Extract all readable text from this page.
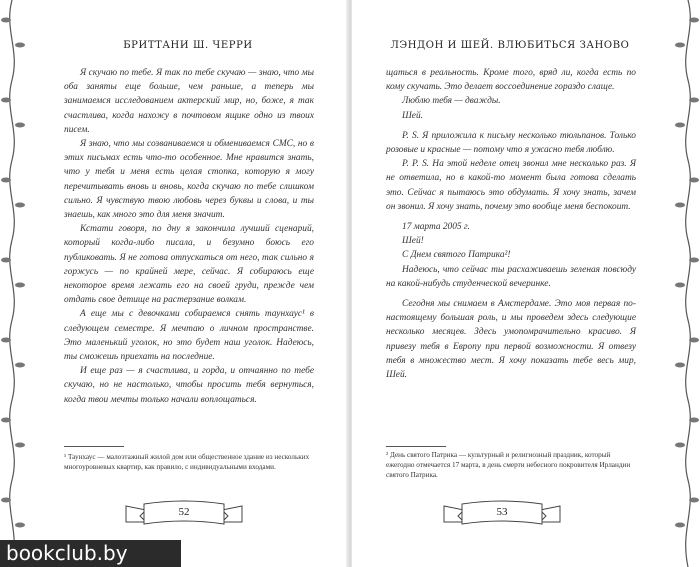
БРИТТАНИ Ш. ЧЕРРИ

Я скучаю по тебе. Я так по тебе скучаю — знаю, что мы оба заняты еще больше, чем раньше, а теперь мы занимаемся исследованием актерский мир, но, боже, я так счастлива, когда нахожу в почтовом ящике одно из твоих писем.

Я знаю, что мы созваниваемся и обмениваемся СМС, но в этих письмах есть что-то особенное. Мне нравится знать, что у тебя и меня есть целая стопка, которую я могу перечитывать вновь и вновь, когда скучаю по тебе слишком сильно. Я чувствую твою любовь через буквы и слова, и ты знаешь, как много это для меня значит.

Кстати говоря, по дну я закончила лучший сценарий, который когда-либо писала, и безумно боюсь его публиковать. Я не готова отпускаться от него, так сильно я горжусь — по крайней мере, сейчас. Я собираюсь еще некоторое время лежать его на своей груди, прежде чем отдать свое детище на растерзание волкам.

А еще мы с девочками собираемся снять таунхаус¹ в следующем семестре. Я мечтаю о личном пространстве. Это маленький уголок, но это будет наш уголок. Надеюсь, ты сможешь приехать на последние.

И еще раз — я счастлива, и горда, и отчаянно по тебе скучаю, но не настолько, чтобы просить тебя вернуться, когда твои мечты только начали воплощаться.

¹ Таунхаус — малоэтажный жилой дом или общественное здание из нескольких многоуровневых квартир, как правило, с индивидуальными входами.
52
ЛЭНДОН И ШЕЙ. ВЛЮБИТЬСЯ ЗАНОВО

щаться в реальность. Кроме того, вряд ли, когда есть по кому скучать. Это делает воссоединение гораздо слаще.

Люблю тебя — дважды.

Шей.

P. S. Я приложила к письму несколько тюльпанов. Только розовые и красные — потому что я ужасно тебя люблю.

P. P. S. На этой неделе отец звонил мне несколько раз. Я не ответила, но в какой-то момент была готова сделать это. Сейчас я пытаюсь это обдумать. Я хочу знать, зачем он звонил. Я хочу знать, почему это вообще меня беспокоит.

17 марта 2005 г.

Шей!

С Днем святого Патрика²!

Надеюсь, что сейчас ты расхаживаешь зеленая повсюду на какой-нибудь студенческой вечеринке.

Сегодня мы снимаем в Амстердаме. Это моя первая по-настоящему большая роль, и мы проведем здесь следующие несколько месяцев. Здесь умопомрачительно красиво. Я привезу тебя в Европу при первой возможности. Я отвезу тебя в множество мест. Я хочу показать тебе весь мир, Шей.

² День святого Патрика — культурный и религиозный праздник, который ежегодно отмечается 17 марта, в день смерти небесного покровителя Ирландии святого Патрика.
53
bookclub.by
